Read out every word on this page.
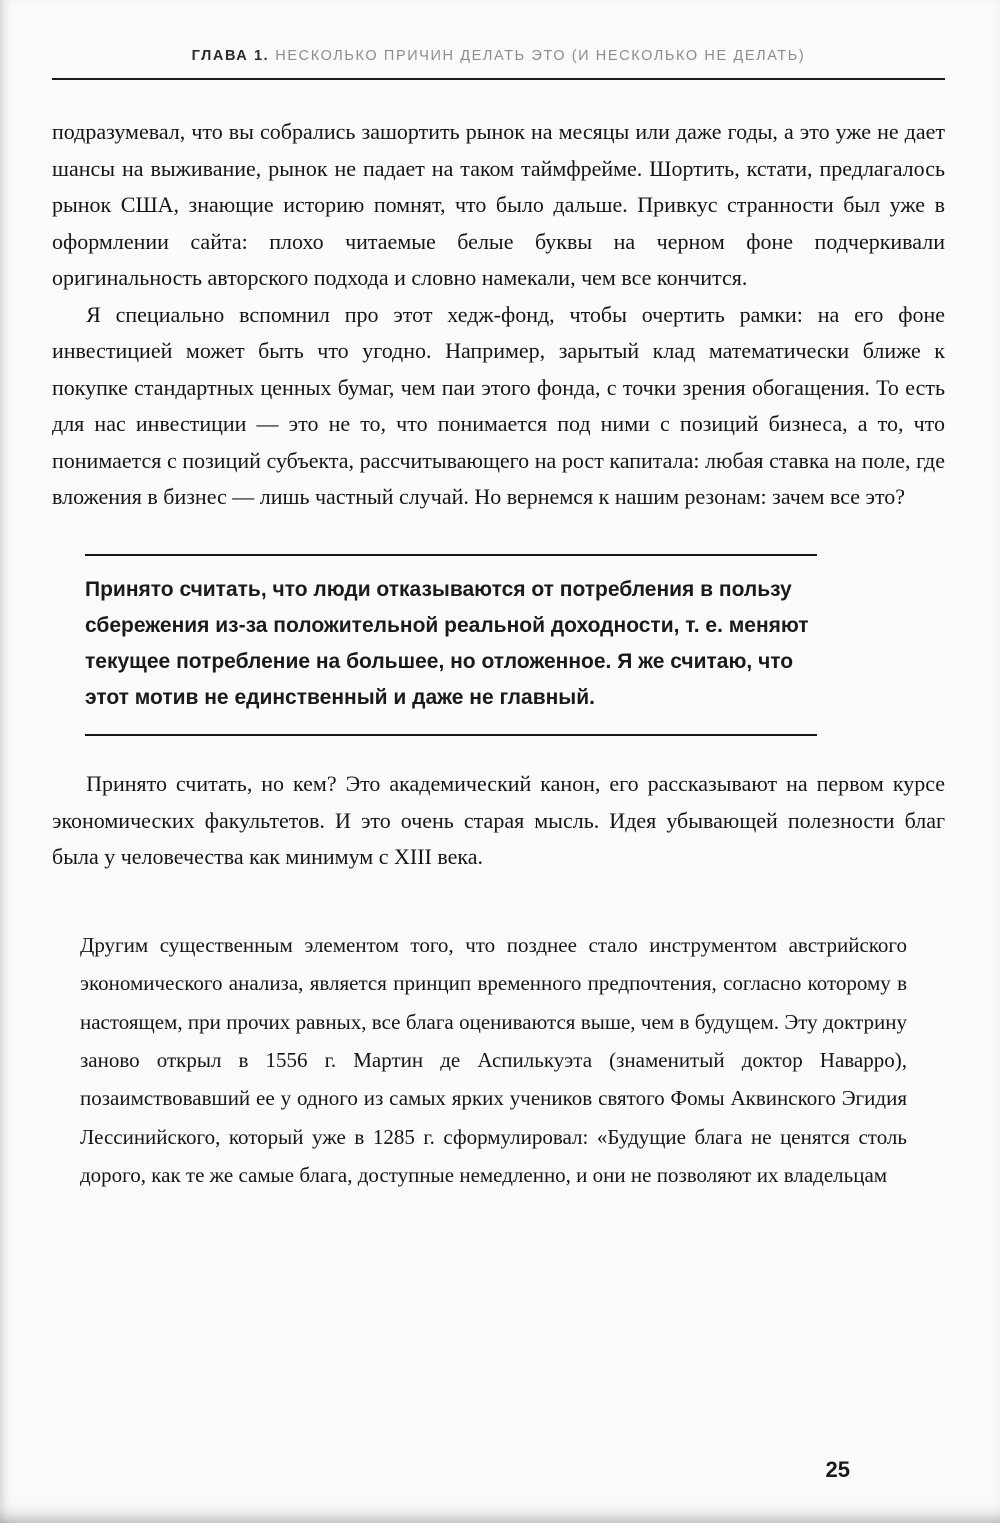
ГЛАВА 1. НЕСКОЛЬКО ПРИЧИН ДЕЛАТЬ ЭТО (И НЕСКОЛЬКО НЕ ДЕЛАТЬ)

подразумевал, что вы собрались зашортить рынок на месяцы или даже годы, а это уже не дает шансы на выживание, рынок не падает на таком таймфрейме. Шортить, кстати, предлагалось рынок США, знающие историю помнят, что было дальше. Привкус странности был уже в оформлении сайта: плохо читаемые белые буквы на черном фоне подчеркивали оригинальность авторского подхода и словно намекали, чем все кончится.

Я специально вспомнил про этот хедж-фонд, чтобы очертить рамки: на его фоне инвестицией может быть что угодно. Например, зарытый клад математически ближе к покупке стандартных ценных бумаг, чем паи этого фонда, с точки зрения обогащения. То есть для нас инвестиции — это не то, что понимается под ними с позиций бизнеса, а то, что понимается с позиций субъекта, рассчитывающего на рост капитала: любая ставка на поле, где вложения в бизнес — лишь частный случай. Но вернемся к нашим резонам: зачем все это?

Принято считать, что люди отказываются от потребления в пользу сбережения из-за положительной реальной доходности, т. е. меняют текущее потребление на большее, но отложенное. Я же считаю, что этот мотив не единственный и даже не главный.

Принято считать, но кем? Это академический канон, его рассказывают на первом курсе экономических факультетов. И это очень старая мысль. Идея убывающей полезности благ была у человечества как минимум с XIII века.

Другим существенным элементом того, что позднее стало инструментом австрийского экономического анализа, является принцип временного предпочтения, согласно которому в настоящем, при прочих равных, все блага оцениваются выше, чем в будущем. Эту доктрину заново открыл в 1556 г. Мартин де Аспилькуэта (знаменитый доктор Наварро), позаимствовавший ее у одного из самых ярких учеников святого Фомы Аквинского Эгидия Лессинийского, который уже в 1285 г. сформулировал: «Будущие блага не ценятся столь дорого, как те же самые блага, доступные немедленно, и они не позволяют их владельцам
25
